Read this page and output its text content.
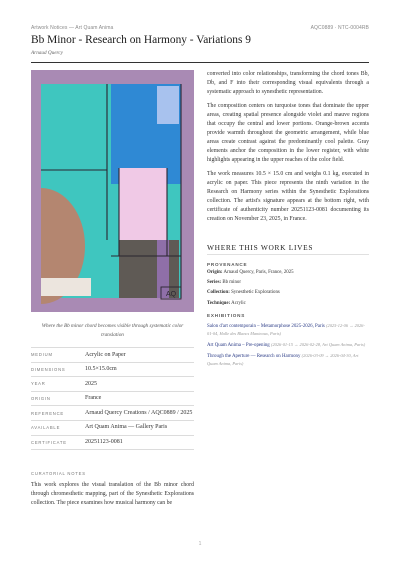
Artwork Notices — Art Quam Anima	AQC0889 · NTC-0004RB
Bb Minor - Research on Harmony - Variations 9
Arnaud Quercy
AQ
Where the Bb minor chord becomes visible through systematic color translation
MEDIUM	Acrylic on Paper
DIMENSIONS	10.5×15.0cm
YEAR	2025
ORIGIN	France
REFERENCE	Arnaud Quercy Creations / AQC0889 / 2025
AVAILABLE	Art Quam Anima — Gallery Paris
CERTIFICATE	20251123-0081
CURATORIAL NOTES
This work explores the visual translation of the Bb minor chord through chromesthetic mapping, part of the Synesthetic Explorations collection. The piece examines how musical harmony can be

converted into color relationships, transforming the chord tones Bb, Db, and F into their corresponding visual equivalents through a systematic approach to synesthetic representation.

The composition centers on turquoise tones that dominate the upper areas, creating spatial presence alongside violet and mauve regions that occupy the central and lower portions. Orange-brown accents provide warmth throughout the geometric arrangement, while blue areas create contrast against the predominantly cool palette. Gray elements anchor the composition in the lower register, with white highlights appearing in the upper reaches of the color field.

The work measures 10.5 × 15.0 cm and weighs 0.1 kg, executed in acrylic on paper. This piece represents the ninth variation in the Research on Harmony series within the Synesthetic Explorations collection. The artist's signature appears at the bottom right, with certificate of authenticity number 20251123-0081 documenting its creation on November 23, 2025, in France.

WHERE THIS WORK LIVES
PROVENANCE
Origin: Arnaud Quercy, Paris, France, 2025
Series: Bb minor
Collection: Synesthetic Explorations
Technique: Acrylic
EXHIBITIONS
Salon d'art contemporain – Metamorphose 2025-2026, Paris (2025-12-06 → 2026-01-04, Halle des Blancs Manteaux, Paris)
Art Quam Anima – Pre-opening (2026-01-15 → 2026-02-28, Art Quam Anima, Paris)
Through the Aperture — Research on Harmony (2026-03-09 → 2026-04-30, Art Quam Anima, Paris)
1
